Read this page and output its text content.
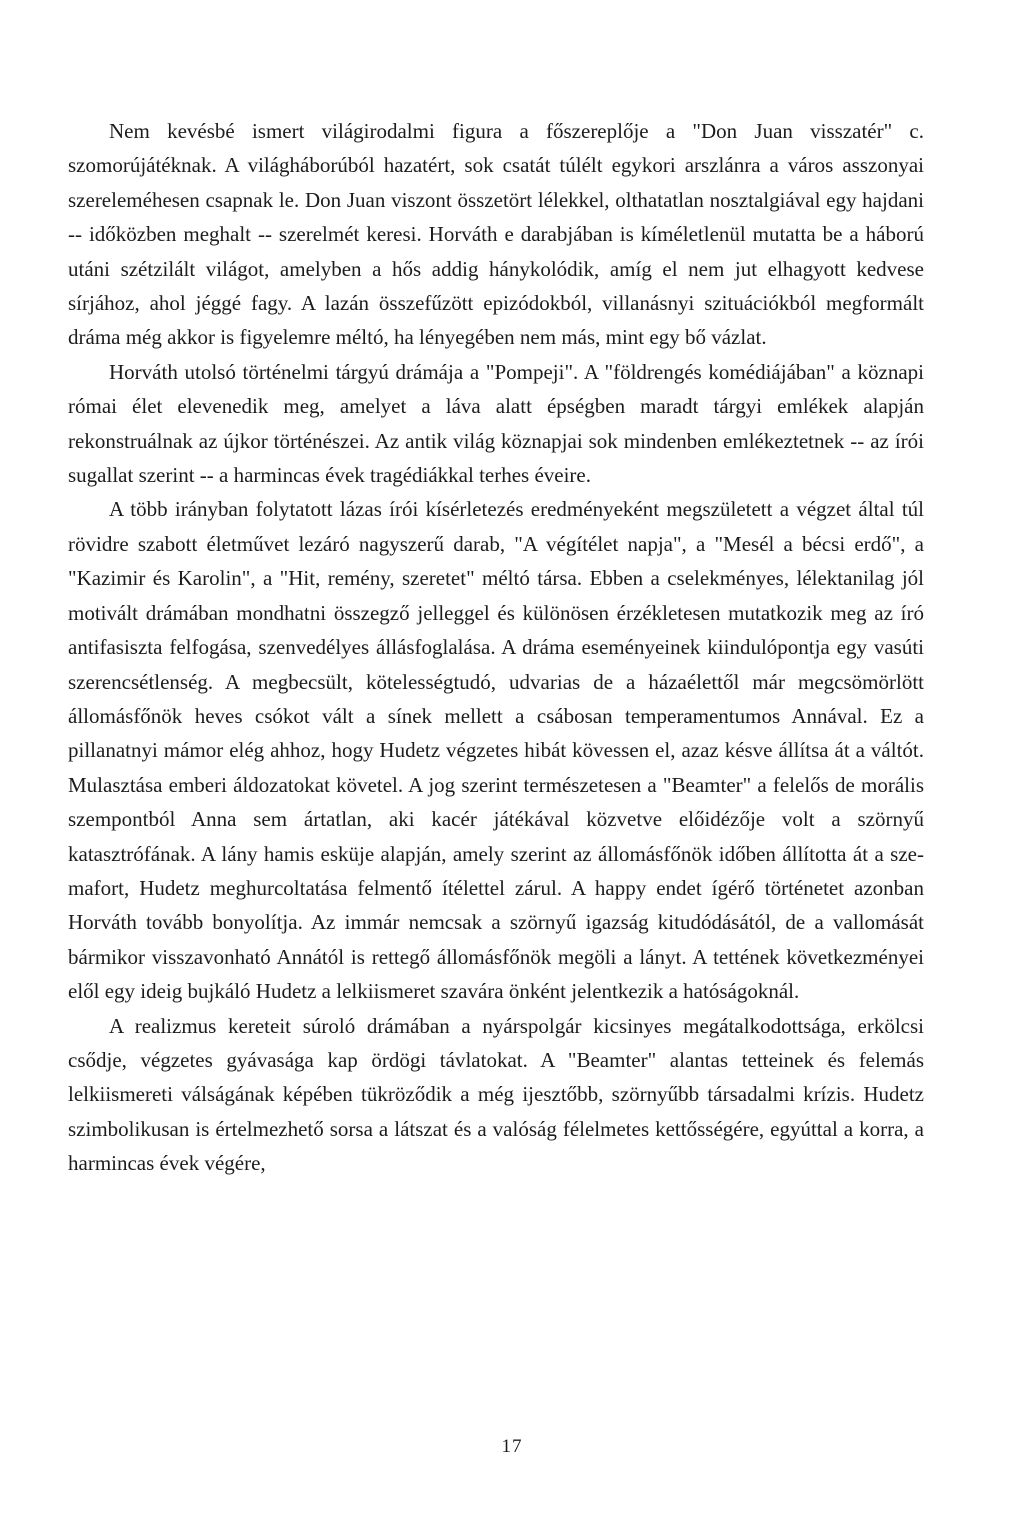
Nem kevésbé ismert világirodalmi figura a főszereplője a "Don Juan visszatér" c. szomorújátéknak. A világháborúból hazatért, sok csatát túlélt egykori arszlánra a város asszonyai szereleméhesen csapnak le. Don Juan viszont összetört lélekkel, olthatatlan nosztalgiával egy hajdani -- időközben meghalt -- szerelmét keresi. Horváth e darabjában is kíméletlenül mutatta be a háború utáni szétzilált világot, amelyben a hős addig hánykolódik, amíg el nem jut elhagyott kedvese sírjához, ahol jéggé fagy. A lazán összefűzött epizódokból, villanásnyi szituációkból megformált dráma még akkor is figyelemre méltó, ha lényegében nem más, mint egy bő vázlat.

Horváth utolsó történelmi tárgyú drámája a "Pompeji". A "földrengés komédiájában" a köznapi római élet elevenedik meg, amelyet a láva alatt épségben maradt tárgyi emlékek alapján rekonstruálnak az újkor történészei. Az antik világ köznapjai sok mindenben emlékeztetnek -- az írói sugallat szerint -- a harmincas évek tragédiákkal terhes éveire.

A több irányban folytatott lázas írói kísérletezés eredményeként megszületett a végzet által túl rövidre szabott életművet lezáró nagyszerű darab, "A végítélet napja", a "Mesél a bécsi erdő", a "Kazimir és Karolin", a "Hit, remény, szeretet" méltó társa. Ebben a cselekményes, lélektanilag jól motivált drámában mondhatni összegző jelleggel és különösen érzékletesen mutatkozik meg az író antifasiszta felfogása, szenvedélyes állásfoglalása. A dráma eseményeinek kiindulópontja egy vasúti szerencsétlenség. A megbecsült, kötelességtudó, udvarias de a házaélettől már megcsömörlött állomásfőnök heves csókot vált a sínek mellett a csábosan temperamentumos Annával. Ez a pillanatnyi mámor elég ahhoz, hogy Hudetz végzetes hibát kövessen el, azaz késve állítsa át a váltót. Mulasztása emberi áldozatokat követel. A jog szerint természetesen a "Beamter" a felelős de morális szempontból Anna sem ártatlan, aki kacér játékával közvetve előidézője volt a szörnyű katasztrófának. A lány hamis esküje alapján, amely szerint az állomásfőnök időben állította át a szemafort, Hudetz meghurcoltatása felmentő ítélettel zárul. A happy endet ígérő történetet azonban Horváth tovább bonyolítja. Az immár nemcsak a szörnyű igazság kitudódásától, de a vallomását bármikor visszavonható Annától is rettegő állomásfőnök megöli a lányt. A tettének következményei elől egy ideig bujkáló Hudetz a lelkiismeret szavára önként jelentkezik a hatóságoknál.

A realizmus kereteit súroló drámában a nyárspolgár kicsinyes megátalkodottsága, erkölcsi csődje, végzetes gyávasága kap ördögi távlatokat. A "Beamter" alantas tetteinek és felemás lelkiismereti válságának képében tükröződik a még ijesztőbb, szörnyűbb társadalmi krízis. Hudetz szimbolikusan is értelmezhető sorsa a látszat és a valóság félelmetes kettősségére, egyúttal a korra, a harmincas évek végére,

17
